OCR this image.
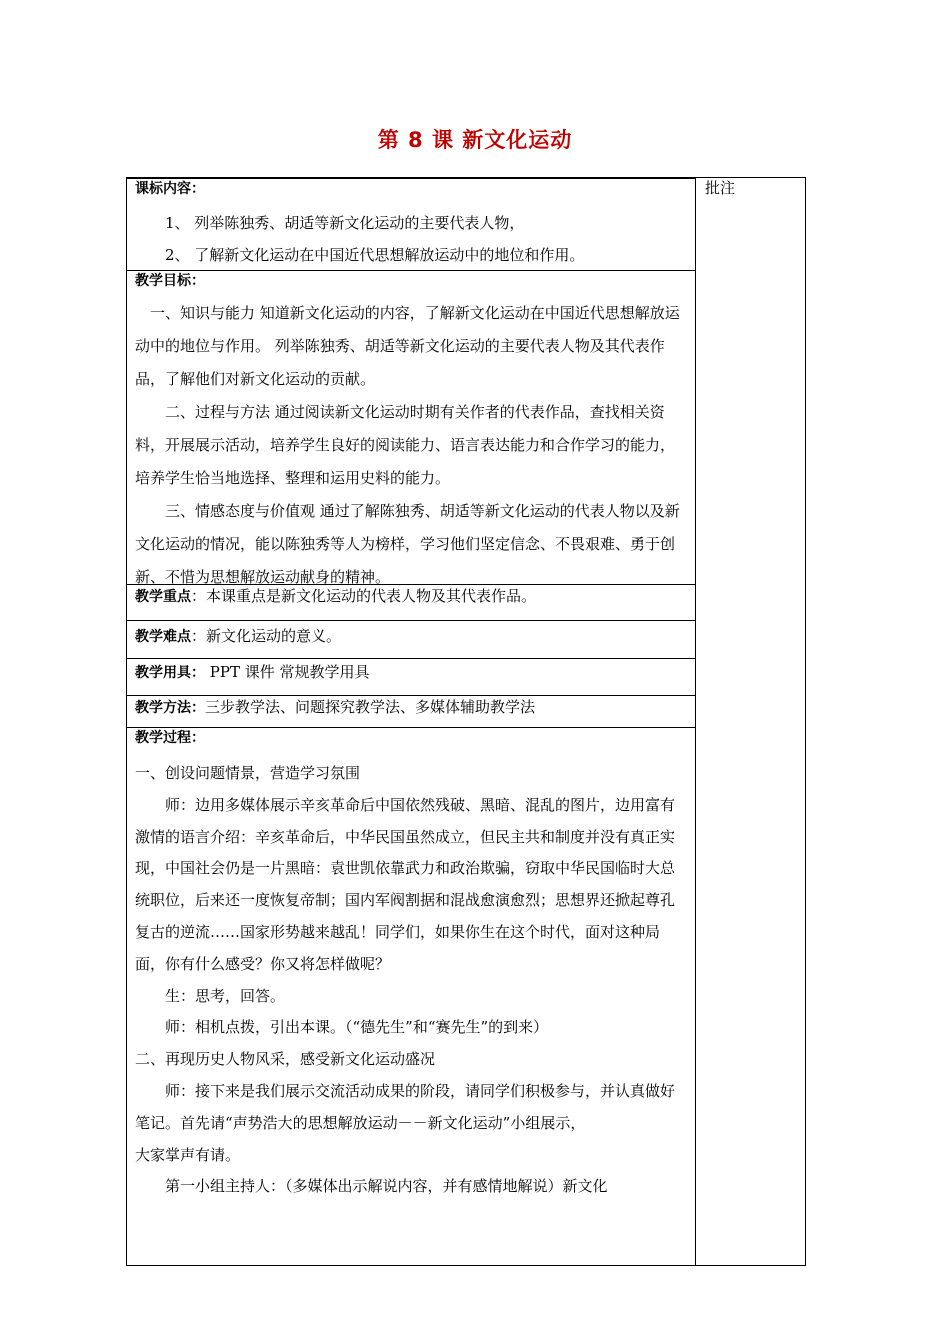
第 8 课 新文化运动
批注
课标内容：
1、 列举陈独秀、胡适等新文化运动的主要代表人物，
2、 了解新文化运动在中国近代思想解放运动中的地位和作用。
教学目标：

一、知识与能力 知道新文化运动的内容，了解新文化运动在中国近代思想解放运动中的地位与作用。 列举陈独秀、胡适等新文化运动的主要代表人物及其代表作品，了解他们对新文化运动的贡献。

二、过程与方法 通过阅读新文化运动时期有关作者的代表作品，查找相关资料，开展展示活动，培养学生良好的阅读能力、语言表达能力和合作学习的能力，培养学生恰当地选择、整理和运用史料的能力。

三、情感态度与价值观 通过了解陈独秀、胡适等新文化运动的代表人物以及新文化运动的情况，能以陈独秀等人为榜样，学习他们坚定信念、不畏艰难、勇于创新、不惜为思想解放运动献身的精神。

教学重点：本课重点是新文化运动的代表人物及其代表作品。
教学难点：新文化运动的意义。
教学用具： PPT 课件 常规教学用具
教学方法：三步教学法、问题探究教学法、多媒体辅助教学法
教学过程：

一、创设问题情景，营造学习氛围

师：边用多媒体展示辛亥革命后中国依然残破、黑暗、混乱的图片，边用富有激情的语言介绍：辛亥革命后，中华民国虽然成立，但民主共和制度并没有真正实现，中国社会仍是一片黑暗：袁世凯依靠武力和政治欺骗，窃取中华民国临时大总统职位，后来还一度恢复帝制；国内军阀割据和混战愈演愈烈；思想界还掀起尊孔复古的逆流……国家形势越来越乱！同学们，如果你生在这个时代，面对这种局面，你有什么感受？你又将怎样做呢？

生：思考，回答。

师：相机点拨，引出本课。（“德先生”和“赛先生”的到来）

二、再现历史人物风采，感受新文化运动盛况

师：接下来是我们展示交流活动成果的阶段，请同学们积极参与，并认真做好笔记。首先请“声势浩大的思想解放运动－－新文化运动”小组展示，

大家掌声有请。

第一小组主持人：（多媒体出示解说内容，并有感情地解说）新文化
